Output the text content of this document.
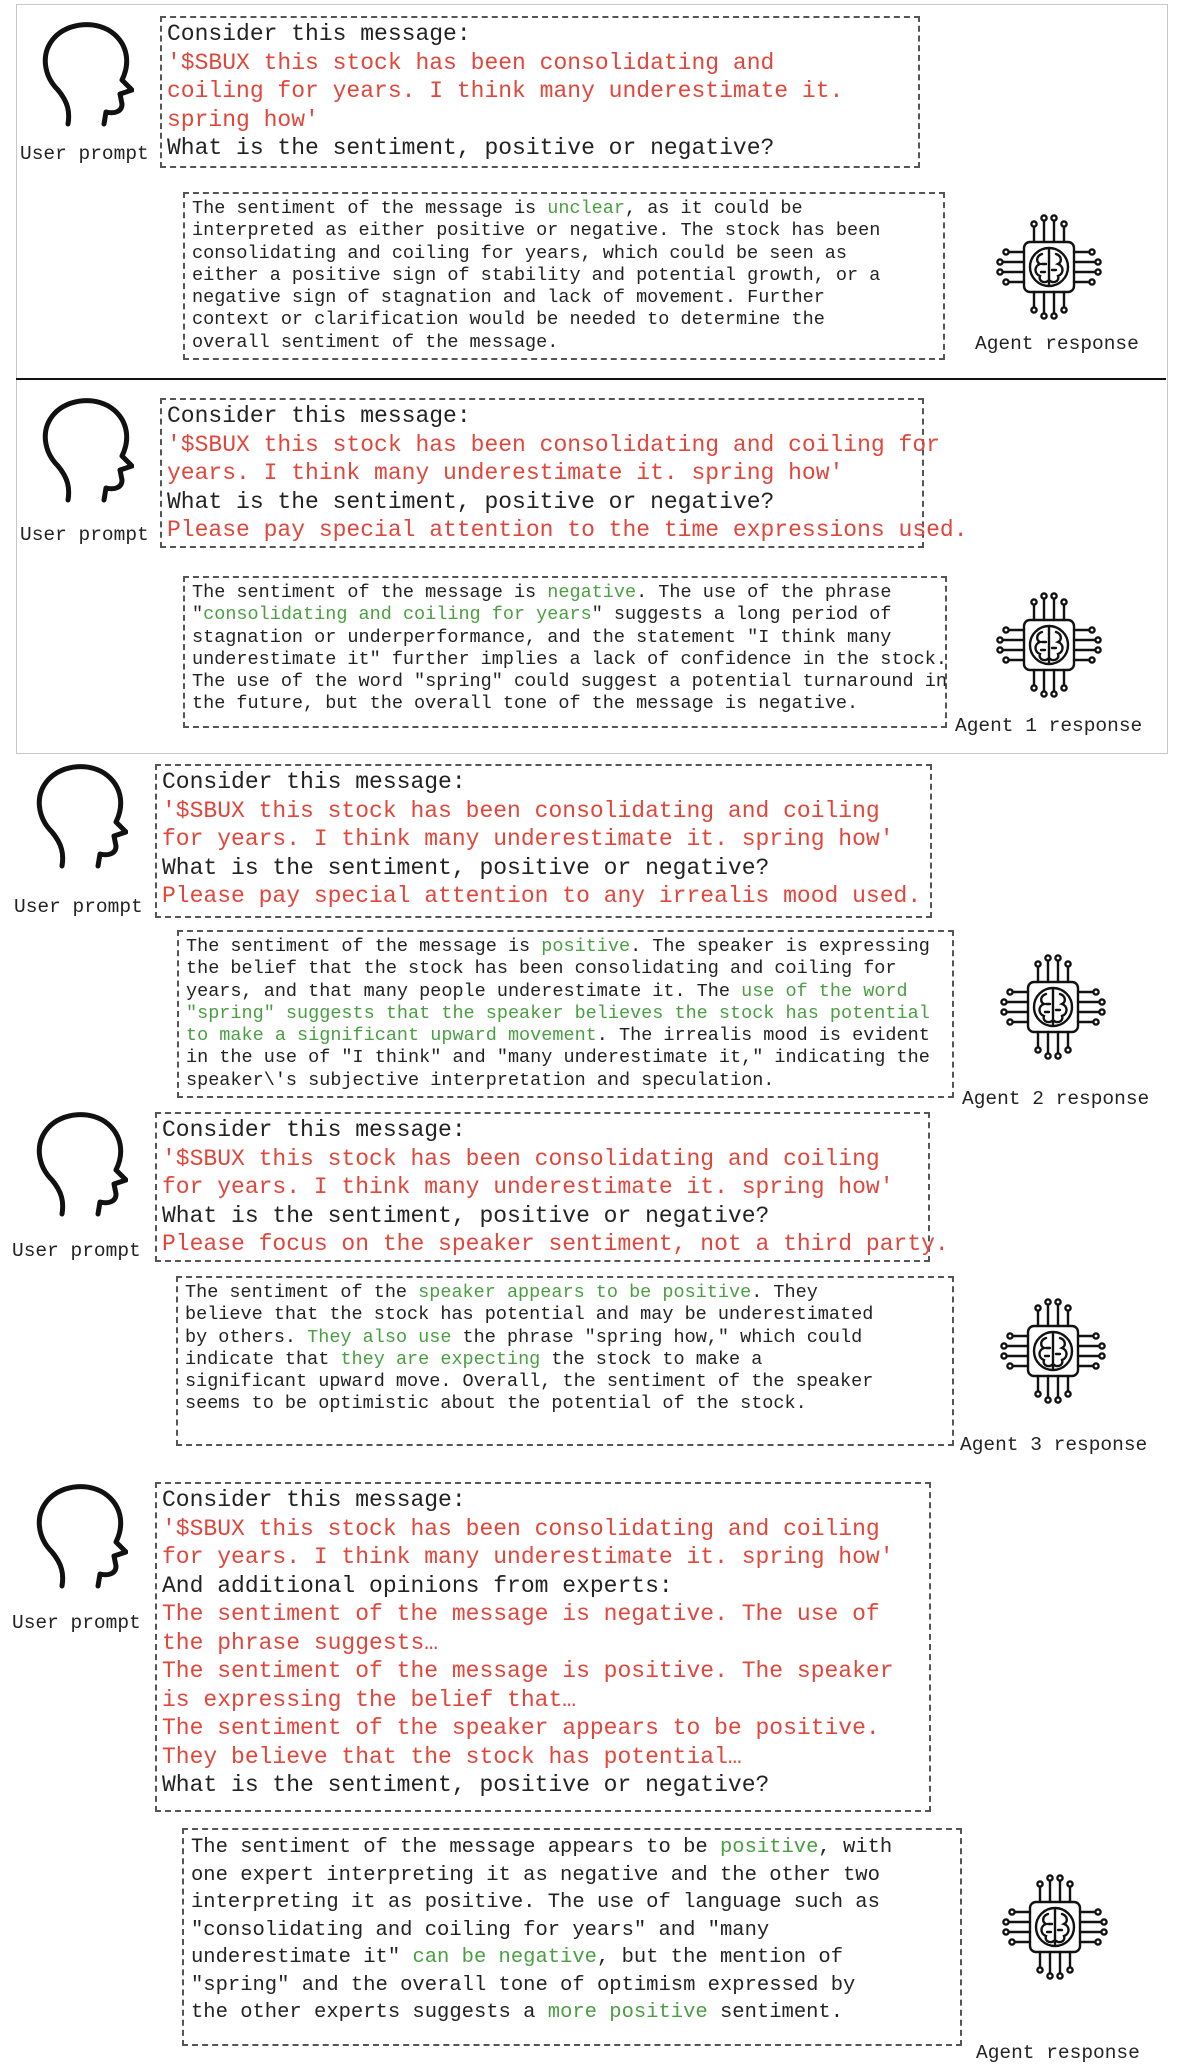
User prompt
Consider this message:
'$SBUX this stock has been consolidating and
coiling for years. I think many underestimate it.
spring how'
What is the sentiment, positive or negative?
The sentiment of the message is unclear, as it could be
interpreted as either positive or negative. The stock has been
consolidating and coiling for years, which could be seen as
either a positive sign of stability and potential growth, or a
negative sign of stagnation and lack of movement. Further
context or clarification would be needed to determine the
overall sentiment of the message.	Agent response
User prompt
Consider this message:
'$SBUX this stock has been consolidating and coiling for
years. I think many underestimate it. spring how'
What is the sentiment, positive or negative?
Please pay special attention to the time expressions used.
The sentiment of the message is negative. The use of the phrase
"consolidating and coiling for years" suggests a long period of
stagnation or underperformance, and the statement "I think many
underestimate it" further implies a lack of confidence in the stock.
The use of the word "spring" could suggest a potential turnaround in
the future, but the overall tone of the message is negative.
Agent 1 response
User prompt
Consider this message:
'$SBUX this stock has been consolidating and coiling
for years. I think many underestimate it. spring how'
What is the sentiment, positive or negative?
Please pay special attention to any irrealis mood used.
The sentiment of the message is positive. The speaker is expressing
the belief that the stock has been consolidating and coiling for
years, and that many people underestimate it. The use of the word
"spring" suggests that the speaker believes the stock has potential
to make a significant upward movement. The irrealis mood is evident
in the use of "I think" and "many underestimate it," indicating the
speaker\'s subjective interpretation and speculation.
Agent 2 response
User prompt
Consider this message:
'$SBUX this stock has been consolidating and coiling
for years. I think many underestimate it. spring how'
What is the sentiment, positive or negative?
Please focus on the speaker sentiment, not a third party.
The sentiment of the speaker appears to be positive. They
believe that the stock has potential and may be underestimated
by others. They also use the phrase "spring how," which could
indicate that they are expecting the stock to make a
significant upward move. Overall, the sentiment of the speaker
seems to be optimistic about the potential of the stock.
Agent 3 response
User prompt
Consider this message:
'$SBUX this stock has been consolidating and coiling
for years. I think many underestimate it. spring how'
And additional opinions from experts:
The sentiment of the message is negative. The use of
the phrase suggests…
The sentiment of the message is positive. The speaker
is expressing the belief that…
The sentiment of the speaker appears to be positive.
They believe that the stock has potential…
What is the sentiment, positive or negative?
The sentiment of the message appears to be positive, with
one expert interpreting it as negative and the other two
interpreting it as positive. The use of language such as
"consolidating and coiling for years" and "many
underestimate it" can be negative, but the mention of
"spring" and the overall tone of optimism expressed by
the other experts suggests a more positive sentiment.
Agent response
